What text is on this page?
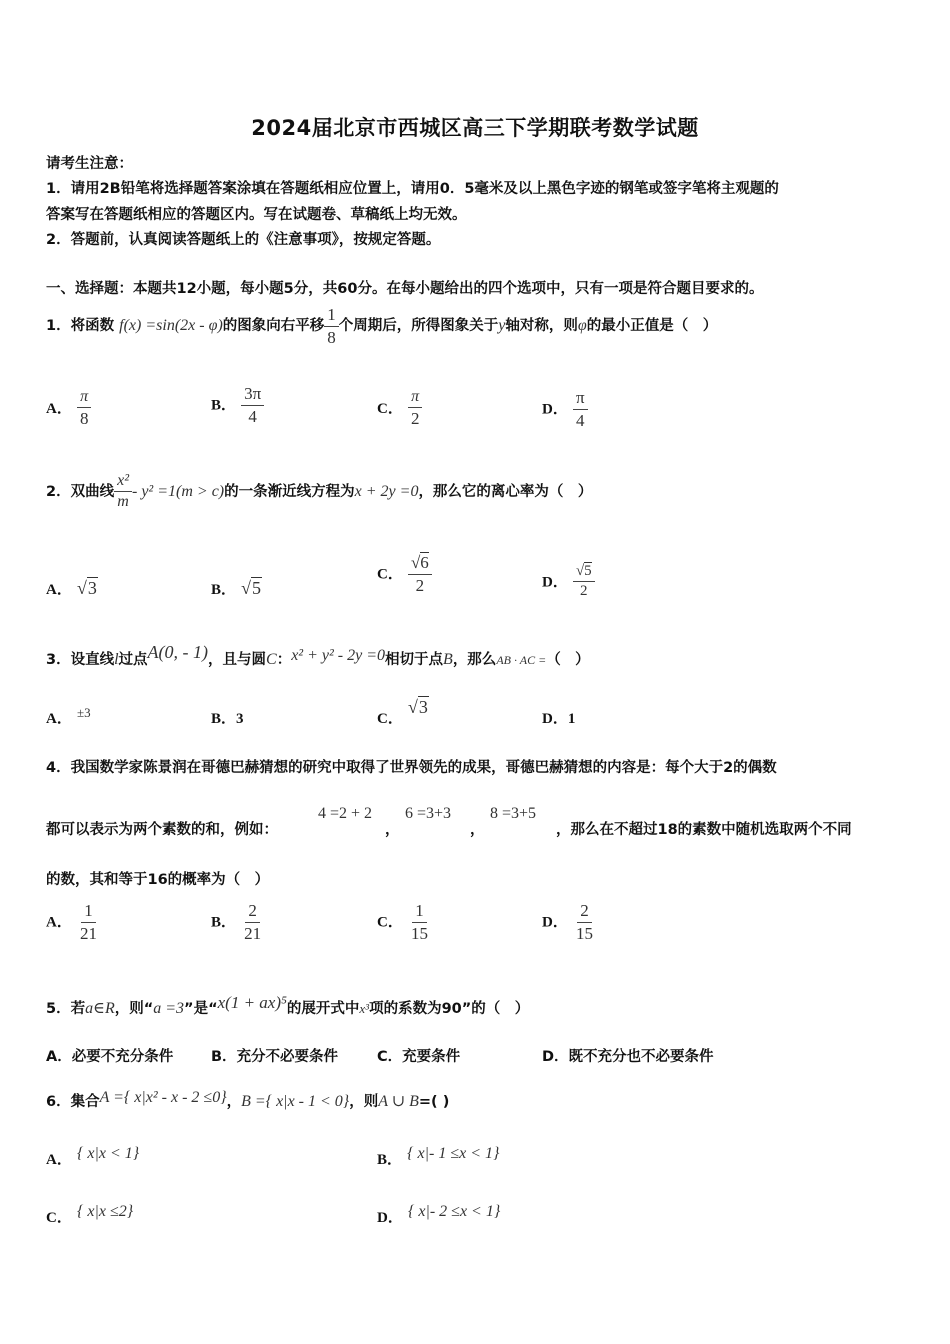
2024届北京市西城区高三下学期联考数学试题
请考生注意：
1．请用2B铅笔将选择题答案涂填在答题纸相应位置上，请用0．5毫米及以上黑色字迹的钢笔或签字笔将主观题的
答案写在答题纸相应的答题区内。写在试题卷、草稿纸上均无效。
2．答题前，认真阅读答题纸上的《注意事项》，按规定答题。
一、选择题：本题共12小题，每小题5分，共60分。在每小题给出的四个选项中，只有一项是符合题目要求的。
1．将函数 f(x) =sin(2x - φ)的图象向右平移 $\frac{1}{8}$ 个周期后，所得图象关于y轴对称，则φ的最小正值是（　）
A． $\frac{\pi}{8}$	B． $\frac{3\pi}{4}$	C． $\frac{\pi}{2}$	D． $\frac{\pi}{4}$
2．双曲线 $\frac{\text{x²}}{m} - y^2 =1(m > c)$的一条渐近线方程为x + 2y =0，那么它的离心率为（　）
A． √3	B． √5
C． $\frac{√6}{2}$	D． $\frac{√5}{2}$
3．设直线l过点A(0, - 1)，且与圆C：x² + y² - 2y =0相切于点B，那么AB · AC =（　）
A． $^{\pm 3}$	B．3	C． √3
D．1
4．我国数学家陈景润在哥德巴赫猜想的研究中取得了世界领先的成果，哥德巴赫猜想的内容是：每个大于2的偶数
都可以表示为两个素数的和，例如：
4 =2 + 2
，
6 =3+3
，
8 =3+5
，那么在不超过18的素数中随机选取两个不同
的数，其和等于16的概率为（　）
A． $\frac{1}{21}$	B． $\frac{2}{21}$	C． $\frac{1}{15}$	D． $\frac{2}{15}$
5．若a∈R，则“a =3”是“x(1 + ax)⁵的展开式中x³项的系数为90”的（　）
A．必要不充分条件	B．充分不必要条件	C．充要条件	D．既不充分也不必要条件
6．集合A ={ x|x² - x - 2 ≤0}，B ={ x|x - 1 < 0}，则A ∪ B=( )
A． { x|x < 1}	B． { x|- 1 ≤x < 1}
C． { x|x ≤2}	D． { x|- 2 ≤x < 1}
